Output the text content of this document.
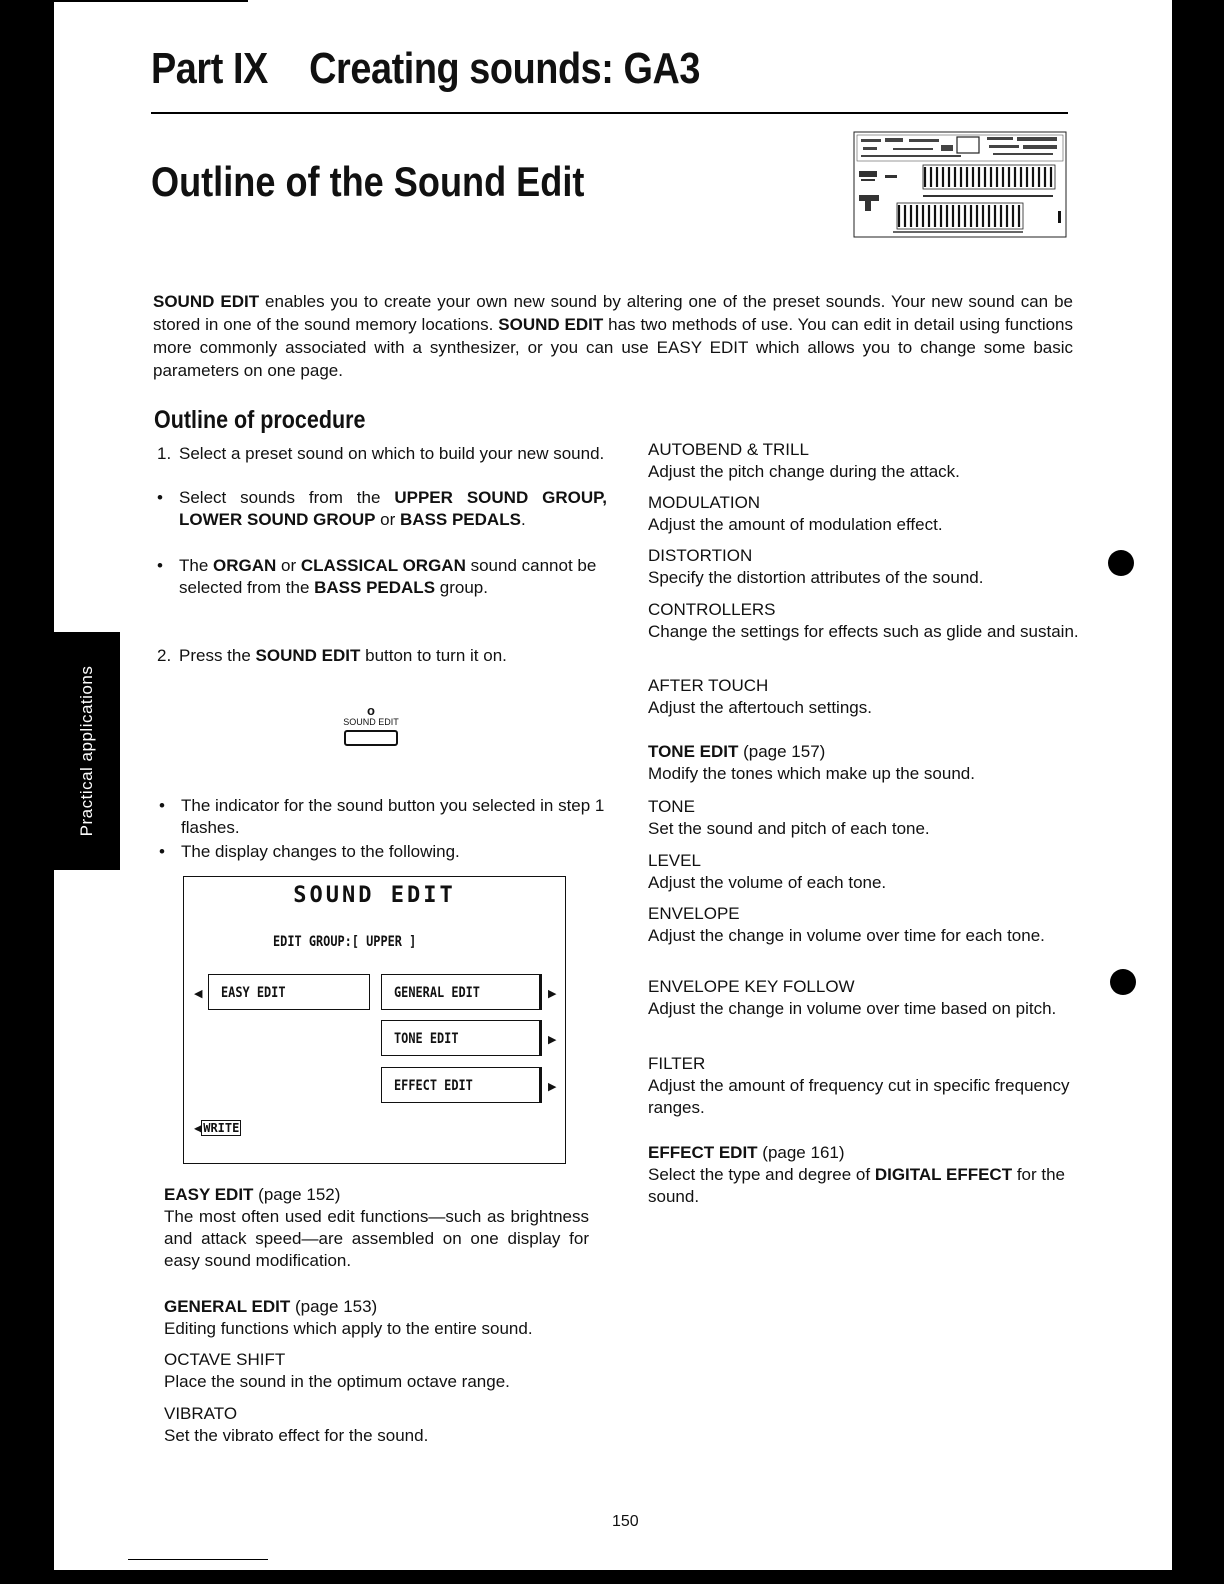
Practical applications
Part IX Creating sounds: GA3
Outline of the Sound Edit
SOUND EDIT enables you to create your own new sound by altering one of the preset sounds. Your new sound can be stored in one of the sound memory locations. SOUND EDIT has two methods of use. You can edit in detail using functions more commonly associated with a synthesizer, or you can use EASY EDIT which allows you to change some basic parameters on one page.
Outline of procedure
1. Select a preset sound on which to build your new sound.
• Select sounds from the UPPER SOUND GROUP, LOWER SOUND GROUP or BASS PEDALS.
• The ORGAN or CLASSICAL ORGAN sound cannot be selected from the BASS PEDALS group.
2. Press the SOUND EDIT button to turn it on.
o
SOUND EDIT
• The indicator for the sound button you selected in step 1 flashes.
• The display changes to the following.
SOUND EDIT
EDIT GROUP:[ UPPER ]
◀	EASY EDIT	GENERAL EDIT	▶
TONE EDIT	▶
EFFECT EDIT	▶
◀ WRITE
EASY EDIT (page 152)
The most often used edit functions—such as brightness and attack speed—are assembled on one display for easy sound modification.
GENERAL EDIT (page 153)
Editing functions which apply to the entire sound.
OCTAVE SHIFT
Place the sound in the optimum octave range.
VIBRATO
Set the vibrato effect for the sound.
AUTOBEND & TRILL
Adjust the pitch change during the attack.
MODULATION
Adjust the amount of modulation effect.
DISTORTION
Specify the distortion attributes of the sound.
CONTROLLERS
Change the settings for effects such as glide and sustain.
AFTER TOUCH
Adjust the aftertouch settings.
TONE EDIT (page 157)
Modify the tones which make up the sound.
TONE
Set the sound and pitch of each tone.
LEVEL
Adjust the volume of each tone.
ENVELOPE
Adjust the change in volume over time for each tone.
ENVELOPE KEY FOLLOW
Adjust the change in volume over time based on pitch.
FILTER
Adjust the amount of frequency cut in specific frequency ranges.
EFFECT EDIT (page 161)
Select the type and degree of DIGITAL EFFECT for the sound.
150
